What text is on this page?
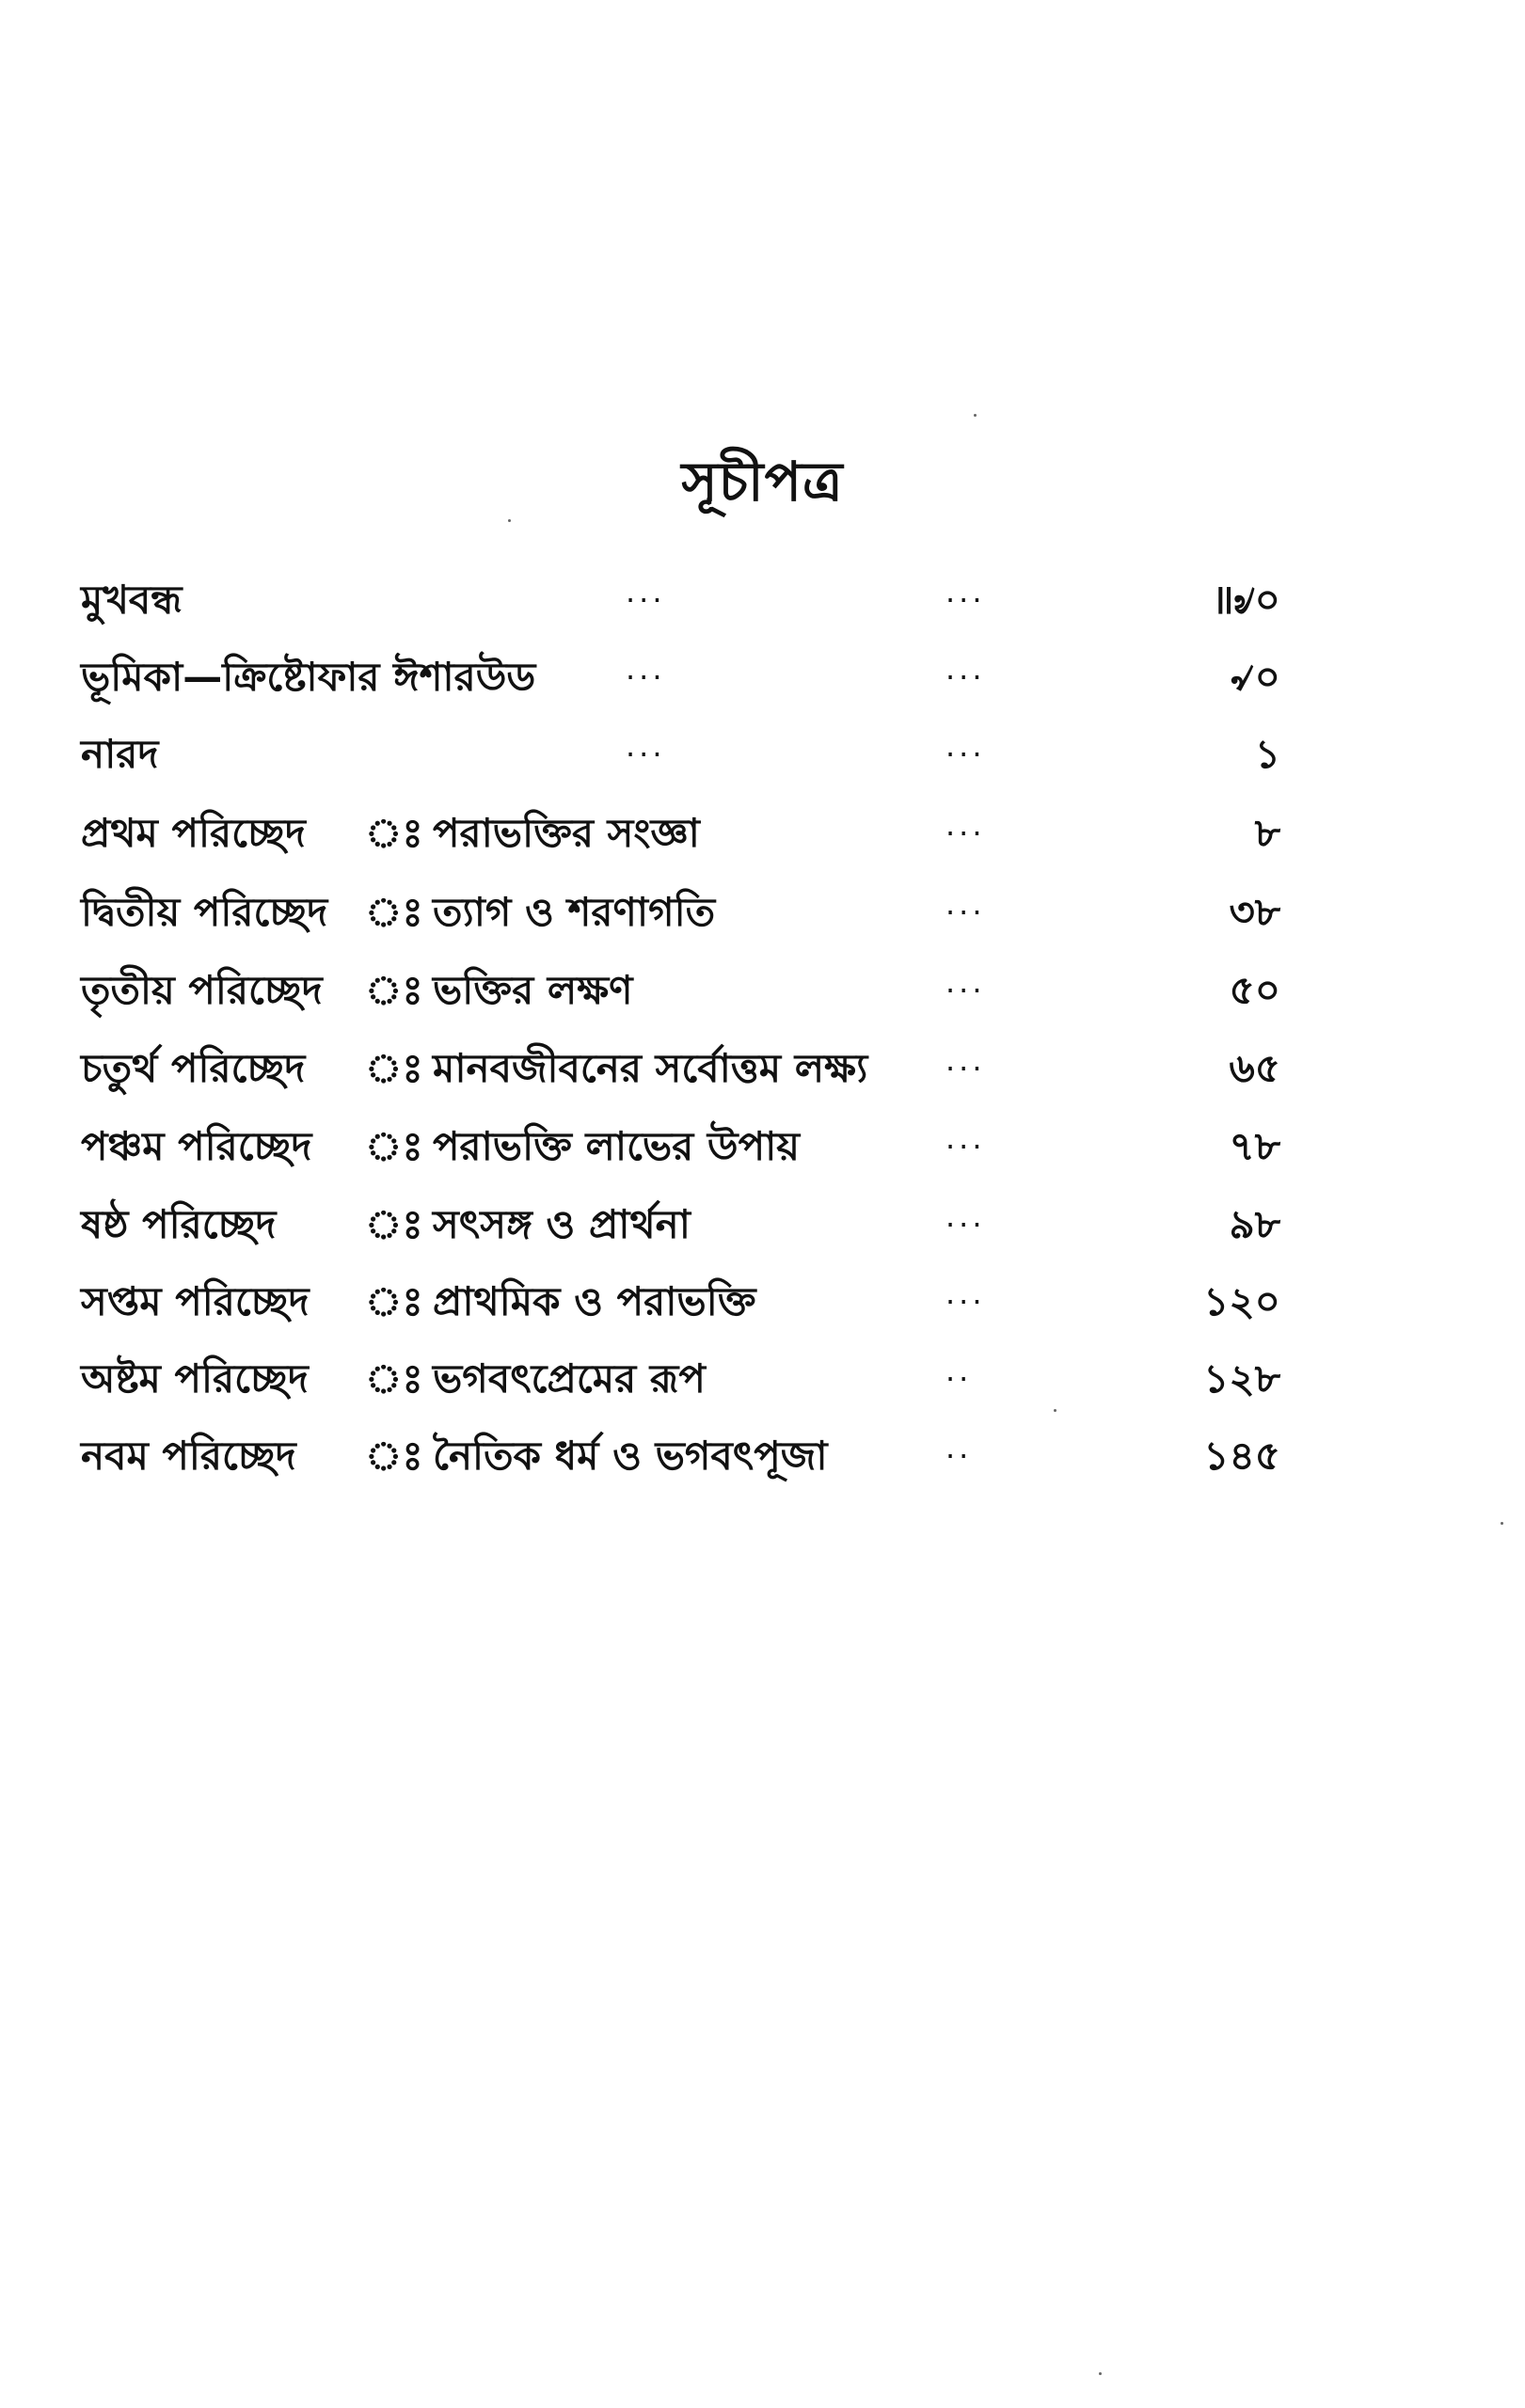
সূচীপত্র
মুখবন্ধ	···	···	॥৶০
ভূমিকা—ক্রিষ্টোফার ঈশারউড	···	···	৵০
নারদ	···	···	১
প্রথম পরিচ্ছেদ ঃ পরাভক্তির সংজ্ঞা	···	৮
দ্বিতীয় পরিচ্ছেদ ঃ ত্যাগ ও শরণাগতি	···	৩৮
তৃতীয় পরিচ্ছেদ ঃ ভক্তির লক্ষণ	···	৫০
চতুর্থ পরিচ্ছেদ ঃ মানবজীবনের সর্বোত্তম লক্ষ্য	···	৬৫
পঞ্চম পরিচ্ছেদ ঃ পরাভক্তি লাভের উপায়	···	৭৮
ষষ্ঠ পরিচ্ছেদ ঃ সৎসঙ্গ ও প্রার্থনা	···	৯৮
সপ্তম পরিচ্ছেদ ঃ প্রাথমিক ও পরাভক্তি	···	১২০
অষ্টম পরিচ্ছেদ ঃ ভগবৎপ্রেমের রূপ	··	১২৮
নবম পরিচ্ছেদ ঃ নৈতিক ধর্ম ও ভগবৎপূজা	··	১৪৫
